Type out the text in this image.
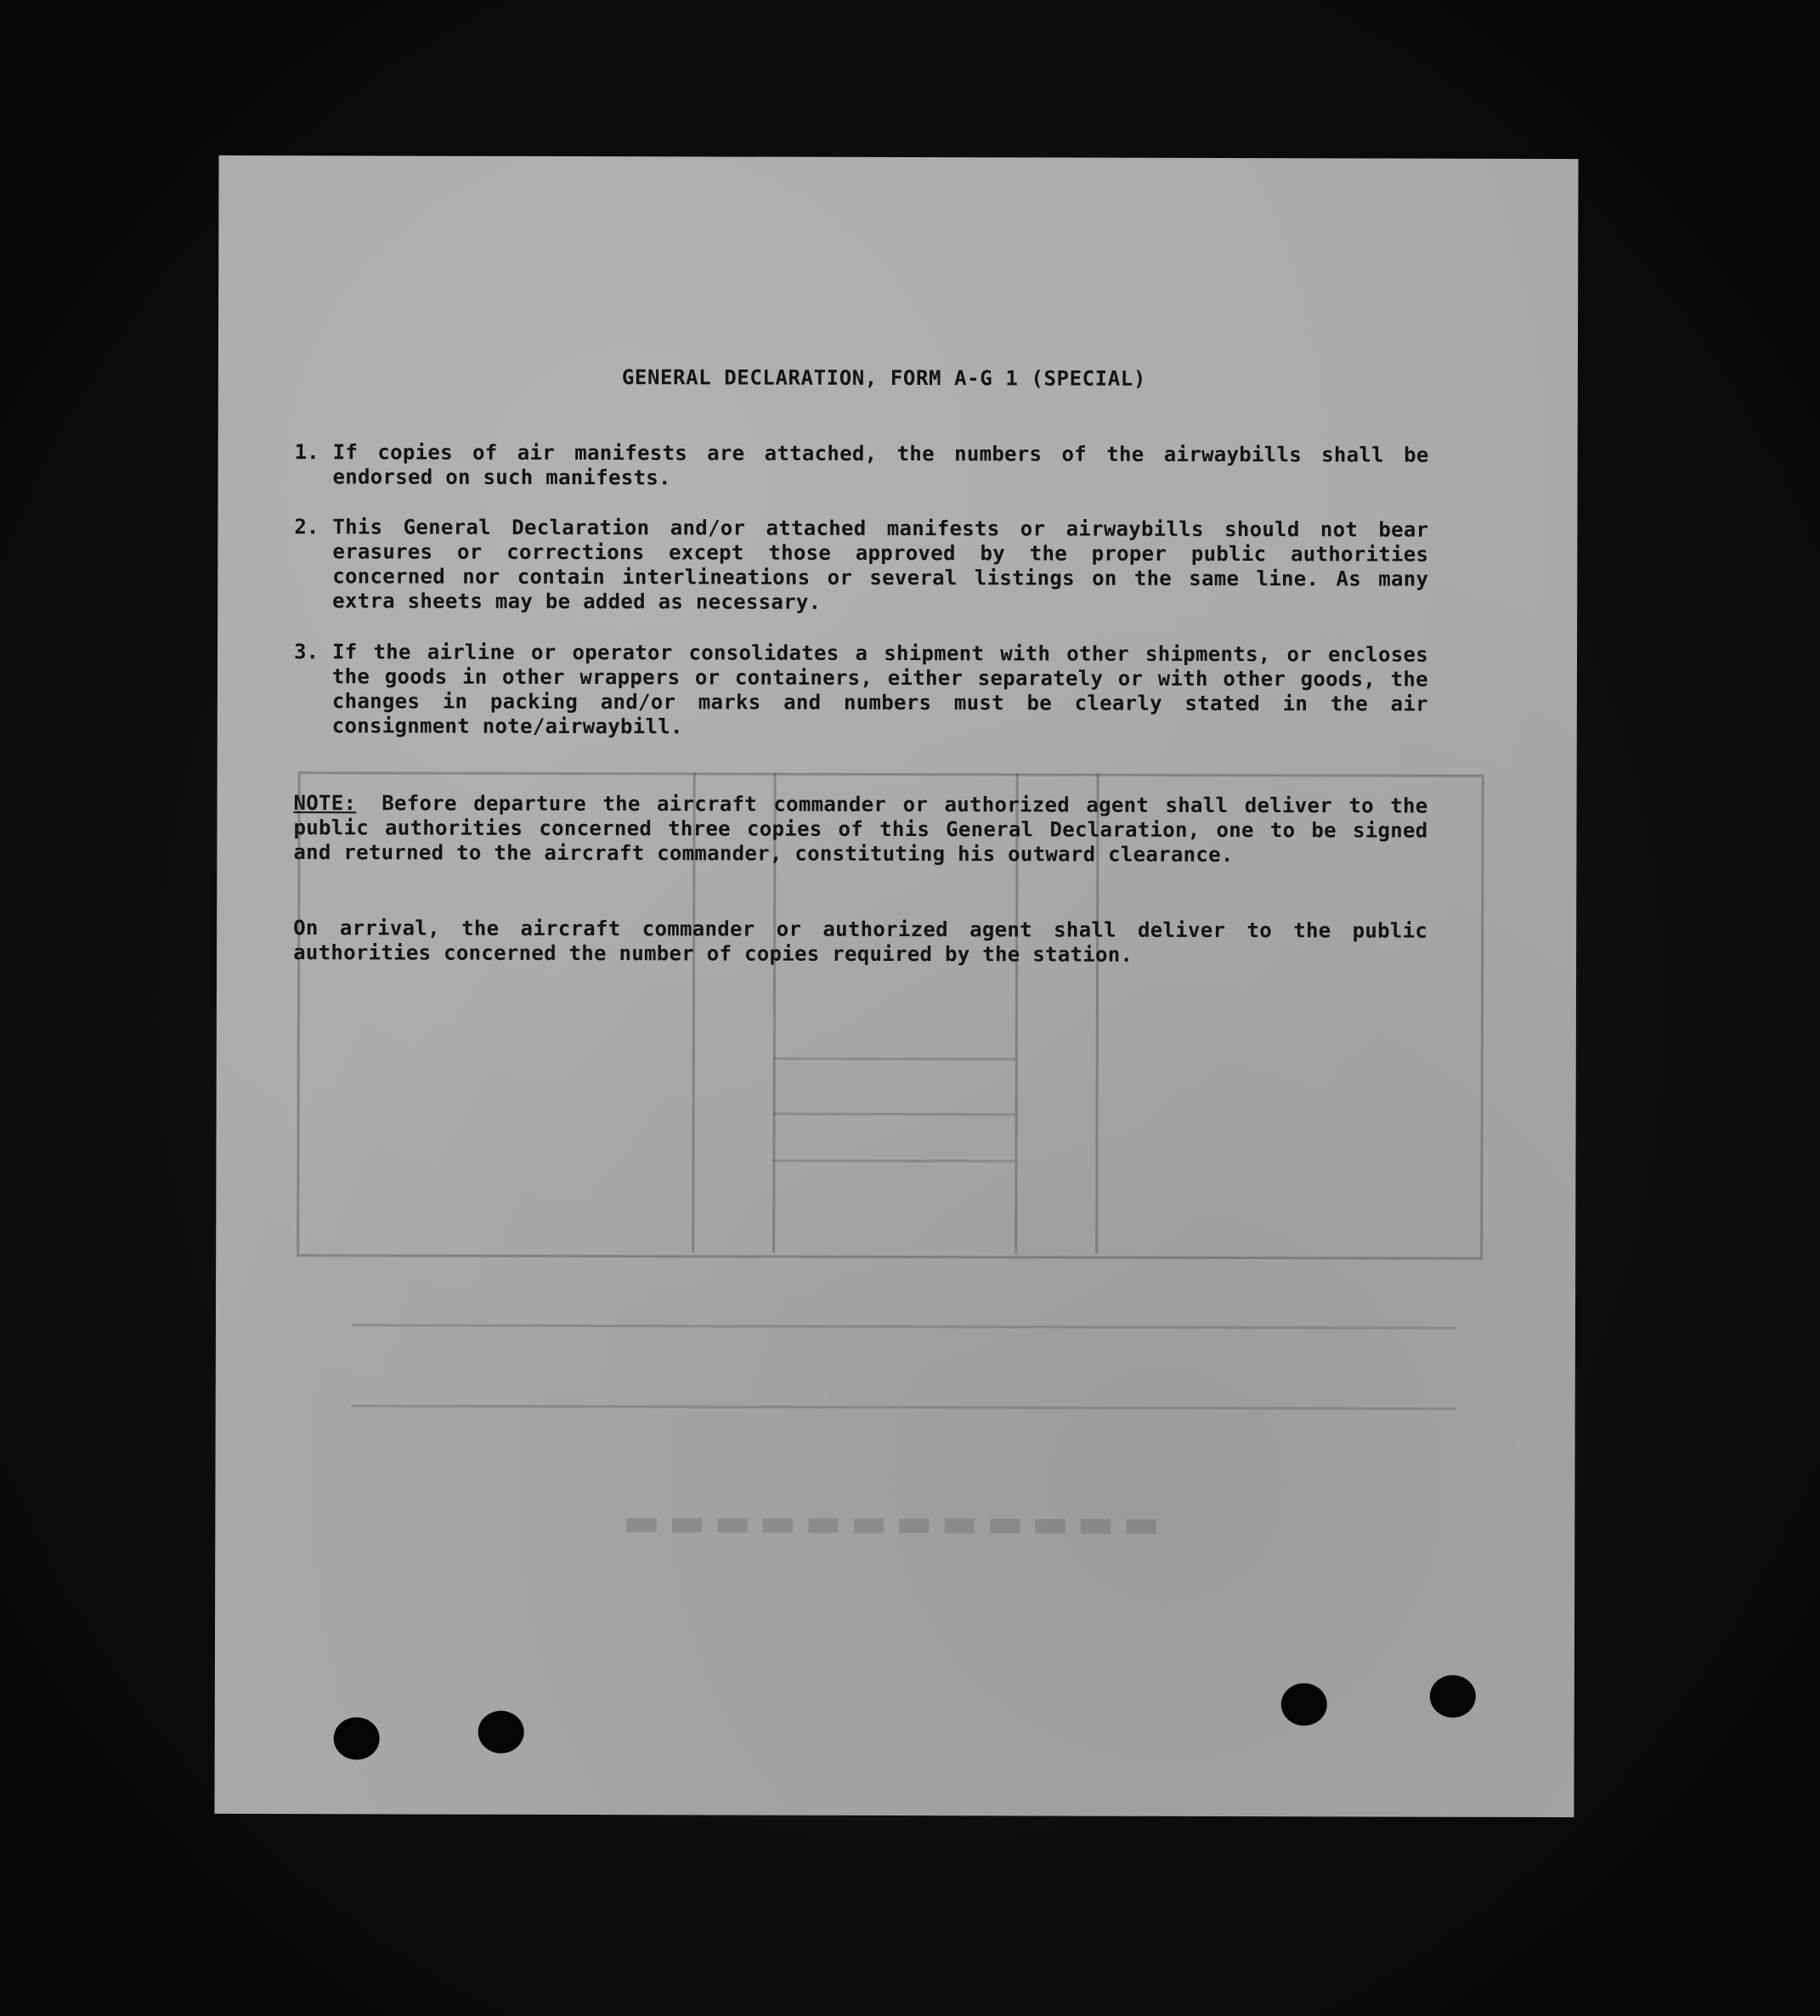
▬▬▬▬▬▬▬▬▬▬▬▬
GENERAL DECLARATION, FORM A-G 1 (SPECIAL)
1. If copies of air manifests are attached, the numbers of the airwaybills shall be endorsed on such manifests.
2. This General Declaration and/or attached manifests or airwaybills should not bear erasures or corrections except those approved by the proper public authorities concerned nor contain interlineations or several listings on the same line. As many extra sheets may be added as necessary.
3. If the airline or operator consolidates a shipment with other shipments, or encloses the goods in other wrappers or containers, either separately or with other goods, the changes in packing and/or marks and numbers must be clearly stated in the air consignment note/airwaybill.
NOTE: Before departure the aircraft commander or authorized agent shall deliver to the public authorities concerned three copies of this General Declaration, one to be signed and returned to the aircraft commander, constituting his outward clearance.
On arrival, the aircraft commander or authorized agent shall deliver to the public authorities concerned the number of copies required by the station.
